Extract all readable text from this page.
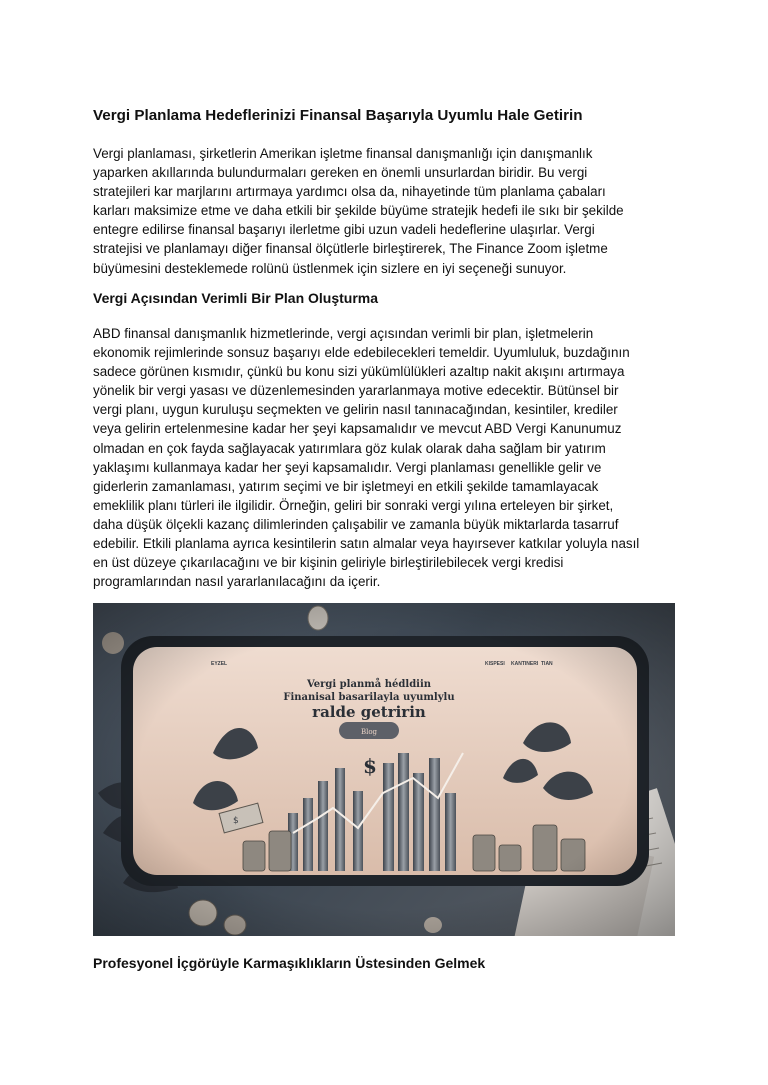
Vergi Planlama Hedeflerinizi Finansal Başarıyla Uyumlu Hale Getirin
Vergi planlaması, şirketlerin Amerikan işletme finansal danışmanlığı için danışmanlık
yaparken akıllarında bulundurmaları gereken en önemli unsurlardan biridir. Bu vergi
stratejileri kar marjlarını artırmaya yardımcı olsa da, nihayetinde tüm planlama çabaları
karları maksimize etme ve daha etkili bir şekilde büyüme stratejik hedefi ile sıkı bir şekilde
entegre edilirse finansal başarıyı ilerletme gibi uzun vadeli hedeflerine ulaşırlar. Vergi
stratejisi ve planlamayı diğer finansal ölçütlerle birleştirerek, The Finance Zoom işletme
büyümesini desteklemede rolünü üstlenmek için sizlere en iyi seçeneği sunuyor.
Vergi Açısından Verimli Bir Plan Oluşturma
ABD finansal danışmanlık hizmetlerinde, vergi açısından verimli bir plan, işletmelerin
ekonomik rejimlerinde sonsuz başarıyı elde edebilecekleri temeldir. Uyumluluk, buzdağının
sadece görünen kısmıdır, çünkü bu konu sizi yükümlülükleri azaltıp nakit akışını artırmaya
yönelik bir vergi yasası ve düzenlemesinden yararlanmaya motive edecektir. Bütünsel bir
vergi planı, uygun kuruluşu seçmekten ve gelirin nasıl tanınacağından, kesintiler, krediler
veya gelirin ertelenmesine kadar her şeyi kapsamalıdır ve mevcut ABD Vergi Kanunumuz
olmadan en çok fayda sağlayacak yatırımlara göz kulak olarak daha sağlam bir yatırım
yaklaşımı kullanmaya kadar her şeyi kapsamalıdır. Vergi planlaması genellikle gelir ve
giderlerin zamanlaması, yatırım seçimi ve bir işletmeyi en etkili şekilde tamamlayacak
emeklilik planı türleri ile ilgilidir. Örneğin, geliri bir sonraki vergi yılına erteleyen bir şirket,
daha düşük ölçekli kazanç dilimlerinden çalışabilir ve zamanla büyük miktarlarda tasarruf
edebilir. Etkili planlama ayrıca kesintilerin satın almalar veya hayırsever katkılar yoluyla nasıl
en üst düzeye çıkarılacağını ve bir kişinin geliriyle birleştirilebilecek vergi kredisi
programlarından nasıl yararlanılacağını da içerir.
Profesyonel İçgörüyle Karmaşıklıkların Üstesinden Gelmek
